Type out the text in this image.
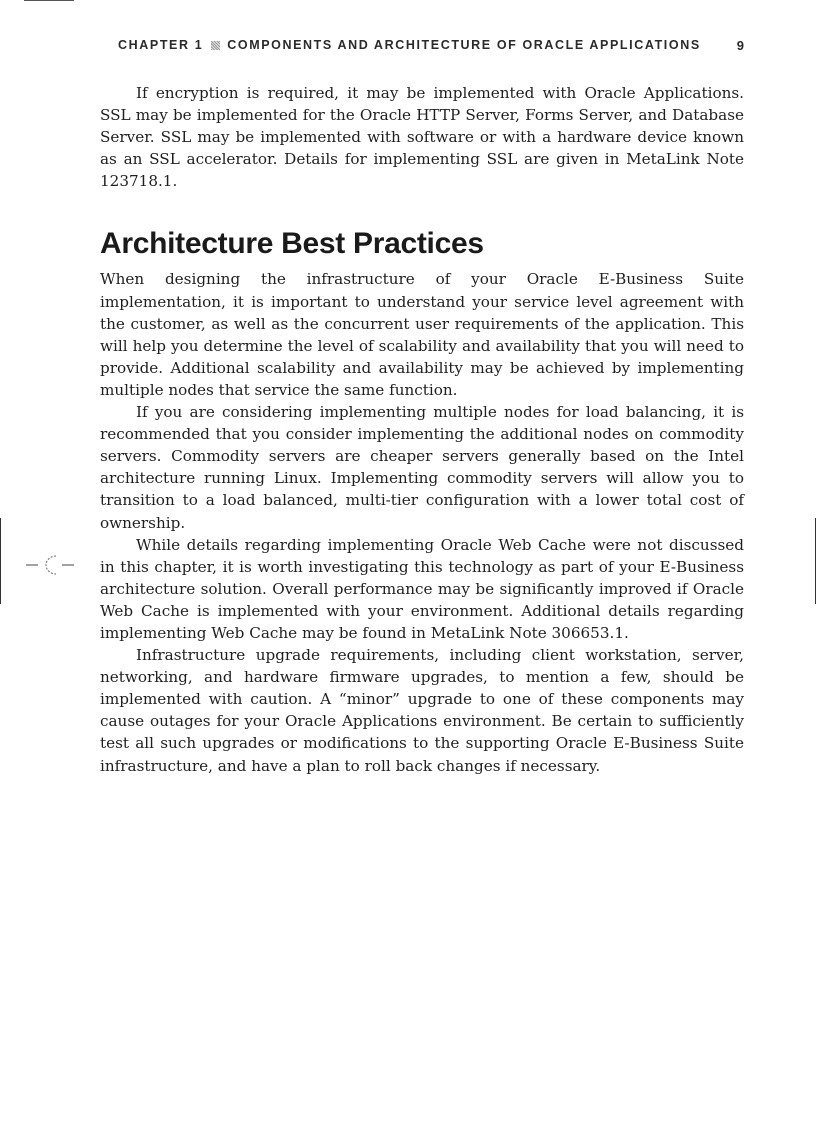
CHAPTER 1 COMPONENTS AND ARCHITECTURE OF ORACLE APPLICATIONS	9

If encryption is required, it may be implemented with Oracle Applications. SSL may be implemented for the Oracle HTTP Server, Forms Server, and Database Server. SSL may be implemented with software or with a hardware device known as an SSL accelerator. Details for implementing SSL are given in MetaLink Note 123718.1.

Architecture Best Practices

When designing the infrastructure of your Oracle E-Business Suite implementation, it is important to understand your service level agreement with the customer, as well as the concurrent user requirements of the application. This will help you determine the level of scalability and availability that you will need to provide. Additional scalability and availability may be achieved by implementing multiple nodes that service the same function.

If you are considering implementing multiple nodes for load balancing, it is recommended that you consider implementing the additional nodes on commodity servers. Commodity servers are cheaper servers generally based on the Intel architecture running Linux. Implementing commodity servers will allow you to transition to a load balanced, multi-tier configuration with a lower total cost of ownership.

While details regarding implementing Oracle Web Cache were not discussed in this chapter, it is worth investigating this technology as part of your E-Business architecture solution. Overall performance may be significantly improved if Oracle Web Cache is implemented with your environment. Additional details regarding implementing Web Cache may be found in MetaLink Note 306653.1.

Infrastructure upgrade requirements, including client workstation, server, networking, and hardware firmware upgrades, to mention a few, should be implemented with caution. A “minor” upgrade to one of these components may cause outages for your Oracle Applications environment. Be certain to sufficiently test all such upgrades or modifications to the supporting Oracle E-Business Suite infrastructure, and have a plan to roll back changes if necessary.
